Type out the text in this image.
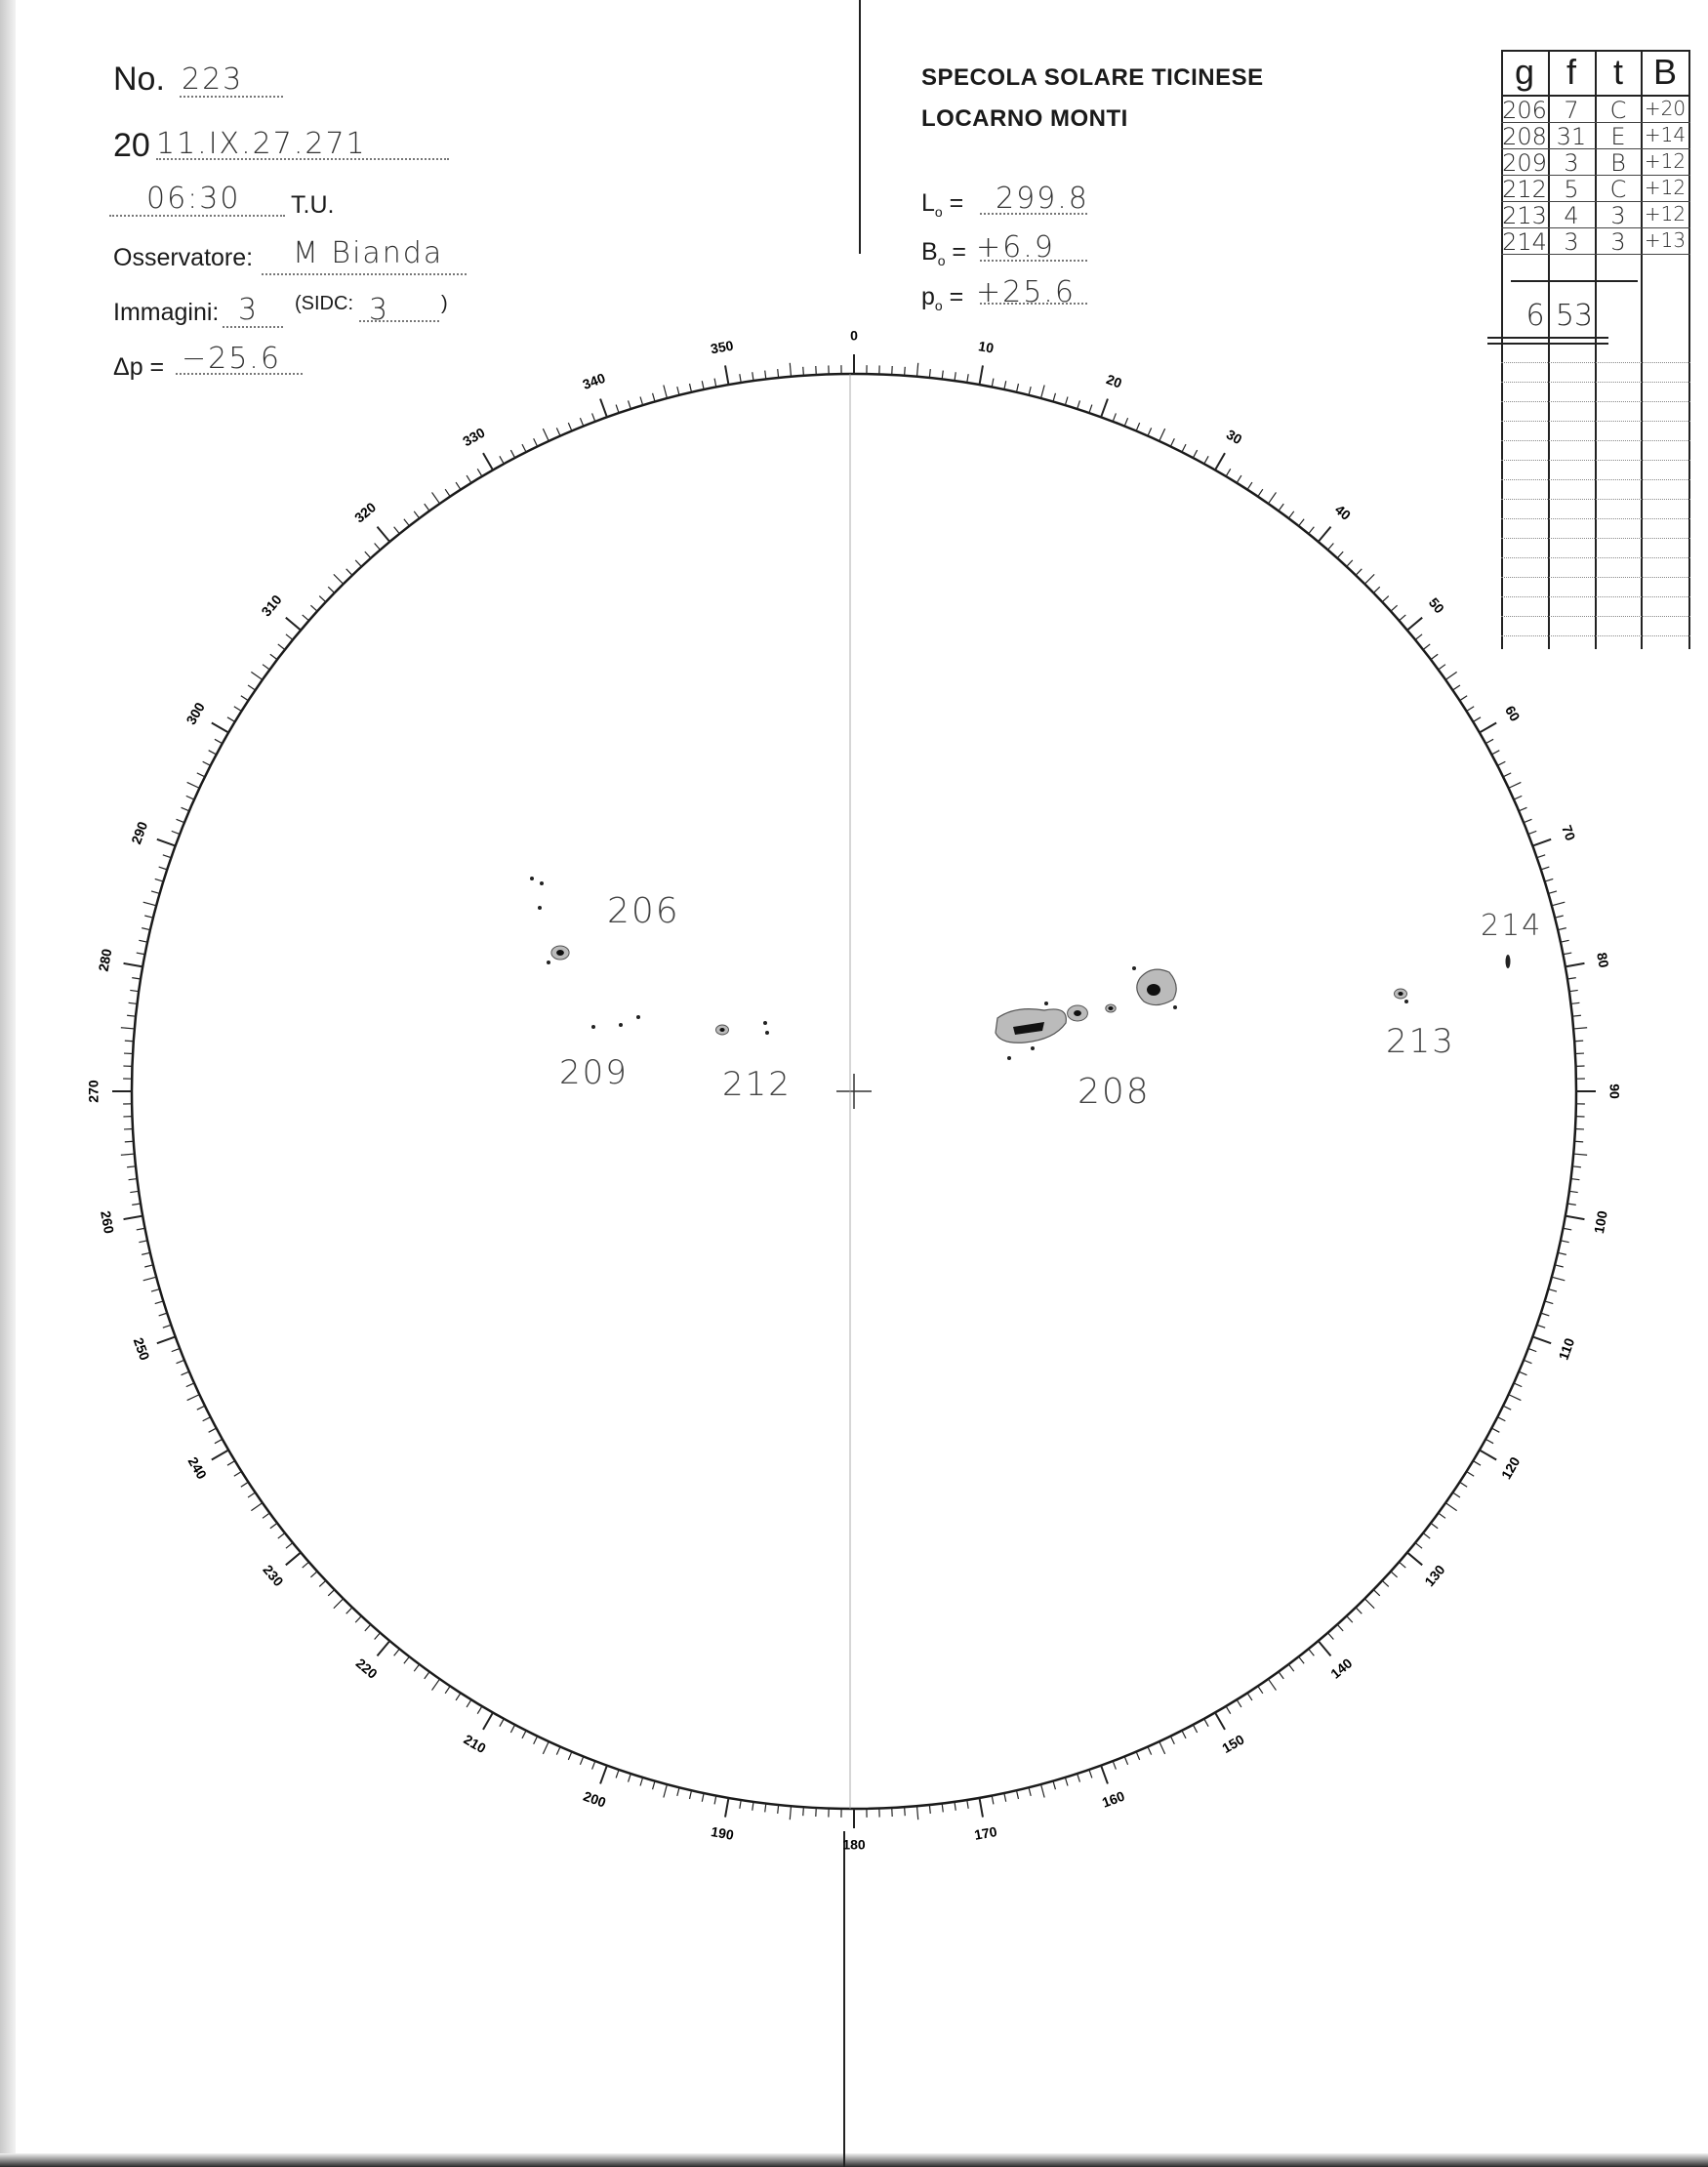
No. 223
20 11.IX.27.271
06:30 T.U.
Osservatore: M Bianda
Immagini: 3 (SIDC: 3	)
Δp = −25.6
SPECOLA SOLARE TICINESE
LOCARNO MONTI
$L_o = 299.8$
$B_o = +6.9$
$p_o = +25.6$
g f	t B
206 7	C +20
208 31	E +14
209 3	B +12
212 5	C +12
213 4	3 +12
214 3	3 +13
6 53
0
10
20
30
40
50
60
70
80
90
100
110
120
130
140
150
160
170
180
190
200
210
220
230
240
250
260
270
280
290
300
310
320
330
340
350
206
208
209	212
213
214
